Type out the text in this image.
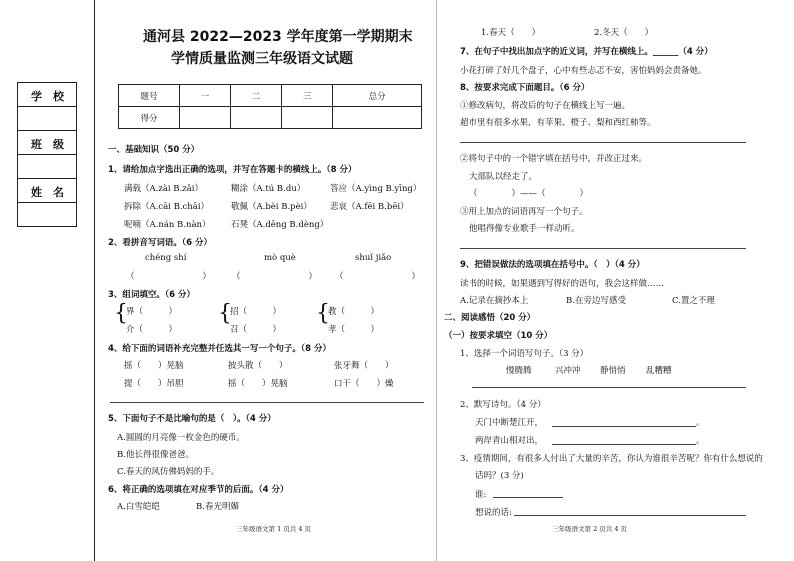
学　校
班　级
姓　名
通河县 2022—2023 学年度第一学期期末
学情质量监测三年级语文试题
题号	一	二	三	总分
得分				
一、基础知识（50 分）
1、请给加点字选出正确的选项，并写在答题卡的横线上。（8 分）
满载（A.zài B.zǎi）	糊涂（A.tú B.du）	答应（A.yìng B.yīng）
拆除（A.cāi B.chāi）	敬佩（A.bèi B.pèi） 悲哀（A.fēi B.bēi）
呢喃（A.nán B.nàn） 石凳（A.dēng B.dèng）
2、看拼音写词语。（6 分）
chéng shí	mò què	shuǐ jiǎo
（　　　　　　　　） （　　　　　　　　） （　　　　　　　　）
3、组词填空。（6 分）
{
界（　　　）
介（　　　）
{
招（　　　）
召（　　　）
{
教（　　　）
孝（　　　）
4、给下面的词语补充完整并任选其一写一个句子。（8 分）
摇（　　）晃脑	披头散（　　）	张牙舞（　　）
提（　　）吊胆	摇（　　）晃脑	口干（　　）燥
5、下面句子不是比喻句的是（　）。（4 分）
A.圆圆的月亮像一枚金色的硬币。
B.他长得很像爸爸。
C.春天的风仿佛妈妈的手。
6、将正确的选项填在对应季节的后面。（4 分）
A.白雪皑皑	B.春光明媚
三年级语文第 1 页共 4 页
1.春天（　　）	2.冬天（　　）
7、在句子中找出加点字的近义词，并写在横线上。______（4 分）
小花打碎了好几个盘子，心中有些忐忑不安，害怕妈妈会责备她。
8、按要求完成下面题目。（6 分）
①修改病句，将改后的句子在横线上写一遍。
超市里有很多水果，有苹果、橙子、梨和西红柿等。
②将句子中的一个错字填在括号中，并改正过来。
大部队以经走了。
（　　　　）——（　　　　）
③用上加点的词语再写一个句子。
他唱得像专业歌手一样动听。
9、把错误做法的选项填在括号中。（　）（4 分）
读书的时候，如果遇到写得好的语句，我会这样做……
A.记录在摘抄本上	B.在旁边写感受	C.置之不理
二、阅读感悟（20 分）
（一）按要求填空（10 分）
1、选择一个词语写句子。（3 分）
慢腾腾	兴冲冲 静悄悄 乱糟糟
2、默写诗句。（4 分）
天门中断楚江开，	。
两岸青山相对出，	。
3、疫情期间，有很多人付出了大量的辛苦，你认为谁很辛苦呢？你有什么想说的
话吗？(3 分)
谁:
想说的话:
三年级语文第 2 页共 4 页
